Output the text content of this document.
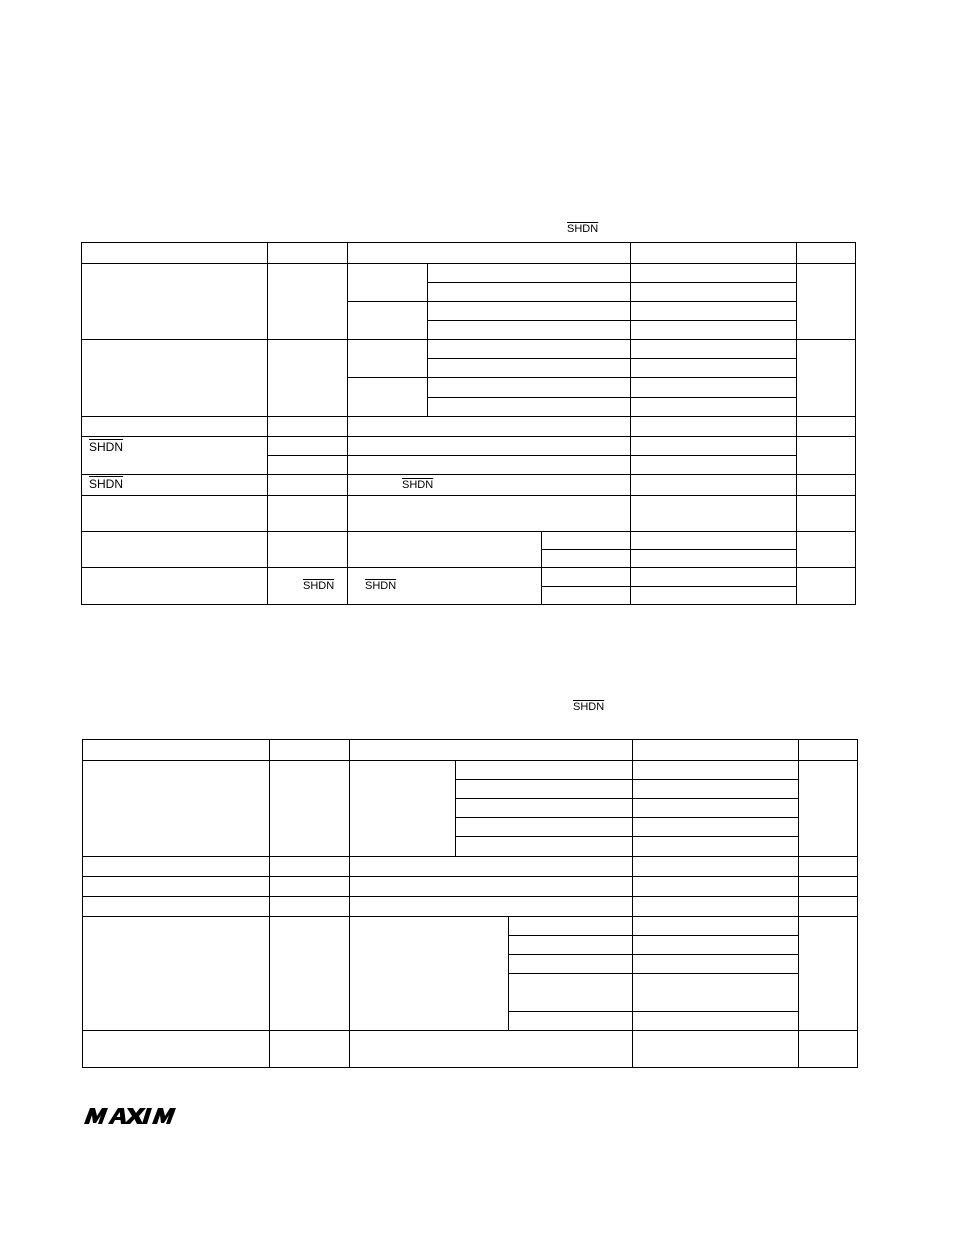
SHDN
SHDN
SHDN	SHDN
SHDN	SHDN
SHDN
